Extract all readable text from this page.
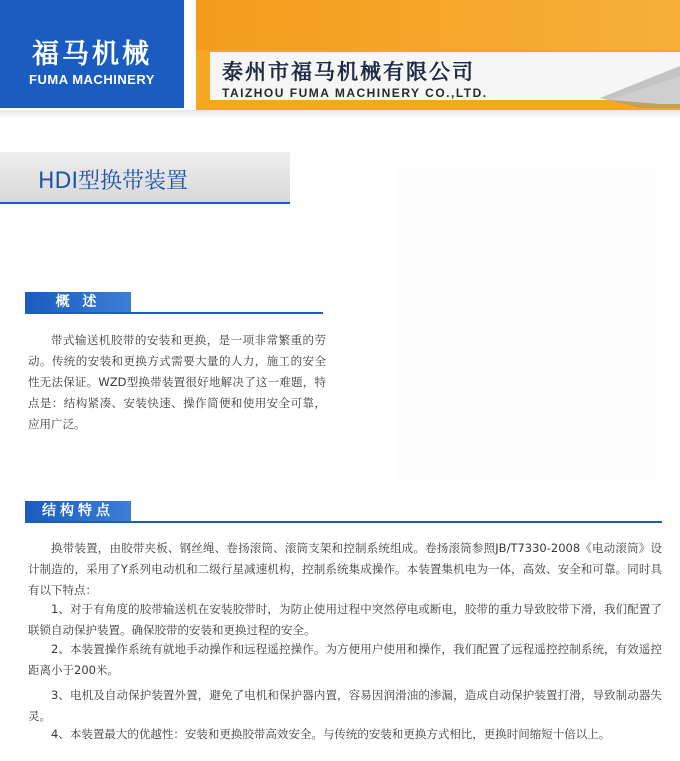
福马机械
FUMA MACHINERY	泰州市福马机械有限公司
TAIZHOU FUMA MACHINERY CO.,LTD.
HDI型换带装置
概 述
带式输送机胶带的安装和更换，是一项非常繁重的劳动。传统的安装和更换方式需要大量的人力，施工的安全性无法保证。WZD型换带装置很好地解决了这一难题，特点是：结构紧凑、安装快速、操作简便和使用安全可靠，应用广泛。
结构特点
换带装置，由胶带夹板、钢丝绳、卷扬滚筒、滚筒支架和控制系统组成。卷扬滚筒参照JB/T7330-2008《电动滚筒》设计制造的，采用了Y系列电动机和二级行星减速机构，控制系统集成操作。本装置集机电为一体，高效、安全和可靠。同时具有以下特点：
1、对于有角度的胶带输送机在安装胶带时，为防止使用过程中突然停电或断电，胶带的重力导致胶带下滑，我们配置了联锁自动保护装置。确保胶带的安装和更换过程的安全。
2、本装置操作系统有就地手动操作和远程遥控操作。为方便用户使用和操作，我们配置了远程遥控控制系统，有效遥控距离小于200米。
3、电机及自动保护装置外置，避免了电机和保护器内置，容易因润滑油的渗漏，造成自动保护装置打滑，导致制动器失灵。
4、本装置最大的优越性：安装和更换胶带高效安全。与传统的安装和更换方式相比，更换时间缩短十倍以上。
